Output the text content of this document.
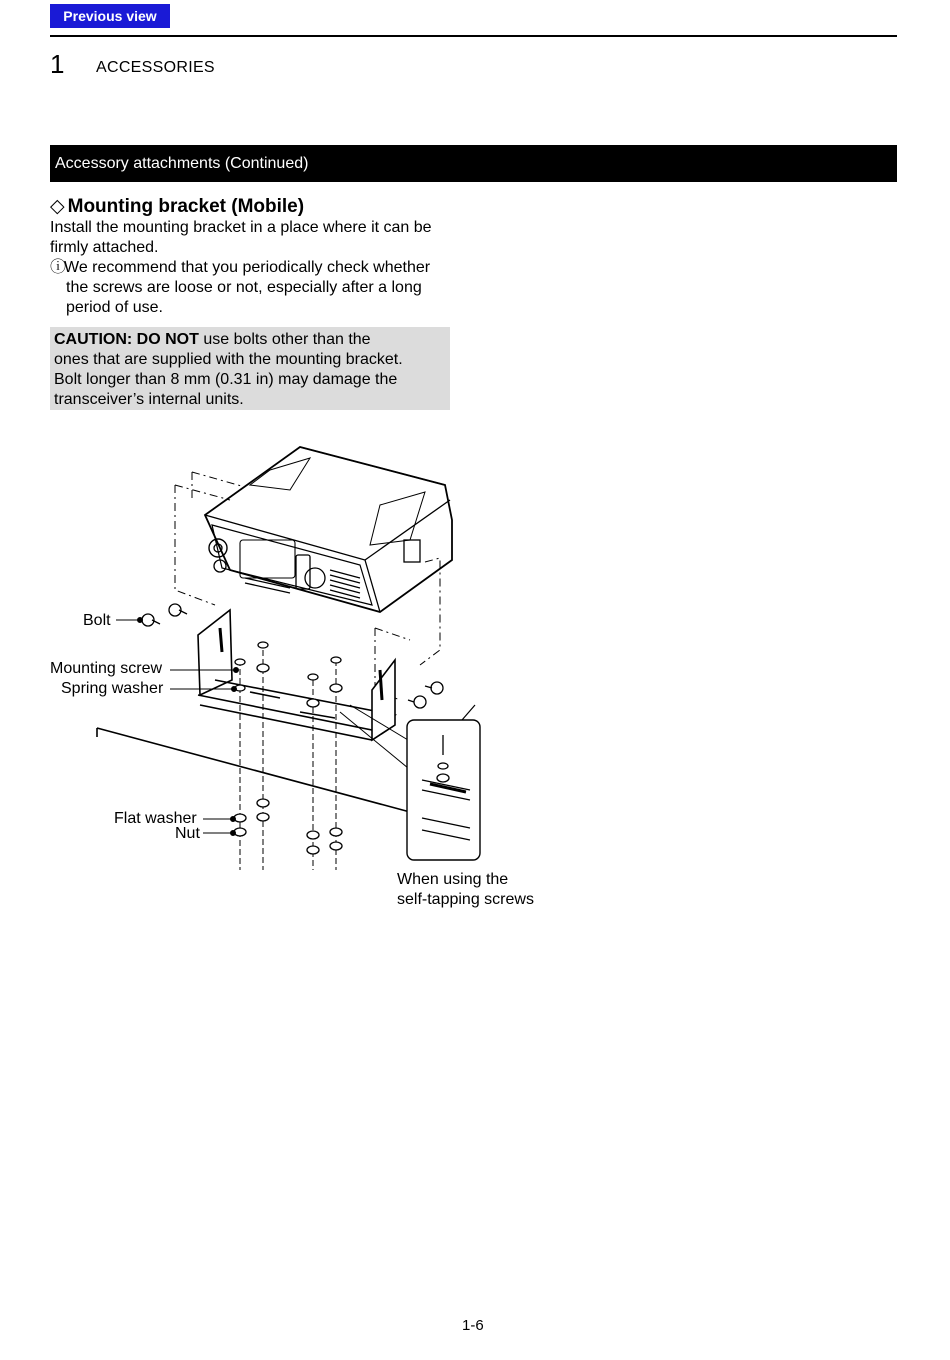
Previous view
1 ACCESSORIES
Accessory attachments (Continued)
◇ Mounting bracket (Mobile)
Install the mounting bracket in a place where it can be firmly attached.
ⓘWe recommend that you periodically check whether
the screws are loose or not, especially after a long
period of use.
CAUTION: DO NOT use bolts other than the
ones that are supplied with the mounting bracket.
Bolt longer than 8 mm (0.31 in) may damage the
transceiver’s internal units.
Bolt
Mounting screw
Spring washer
Flat washer
Nut
When using the
self-tapping screws
1-6
